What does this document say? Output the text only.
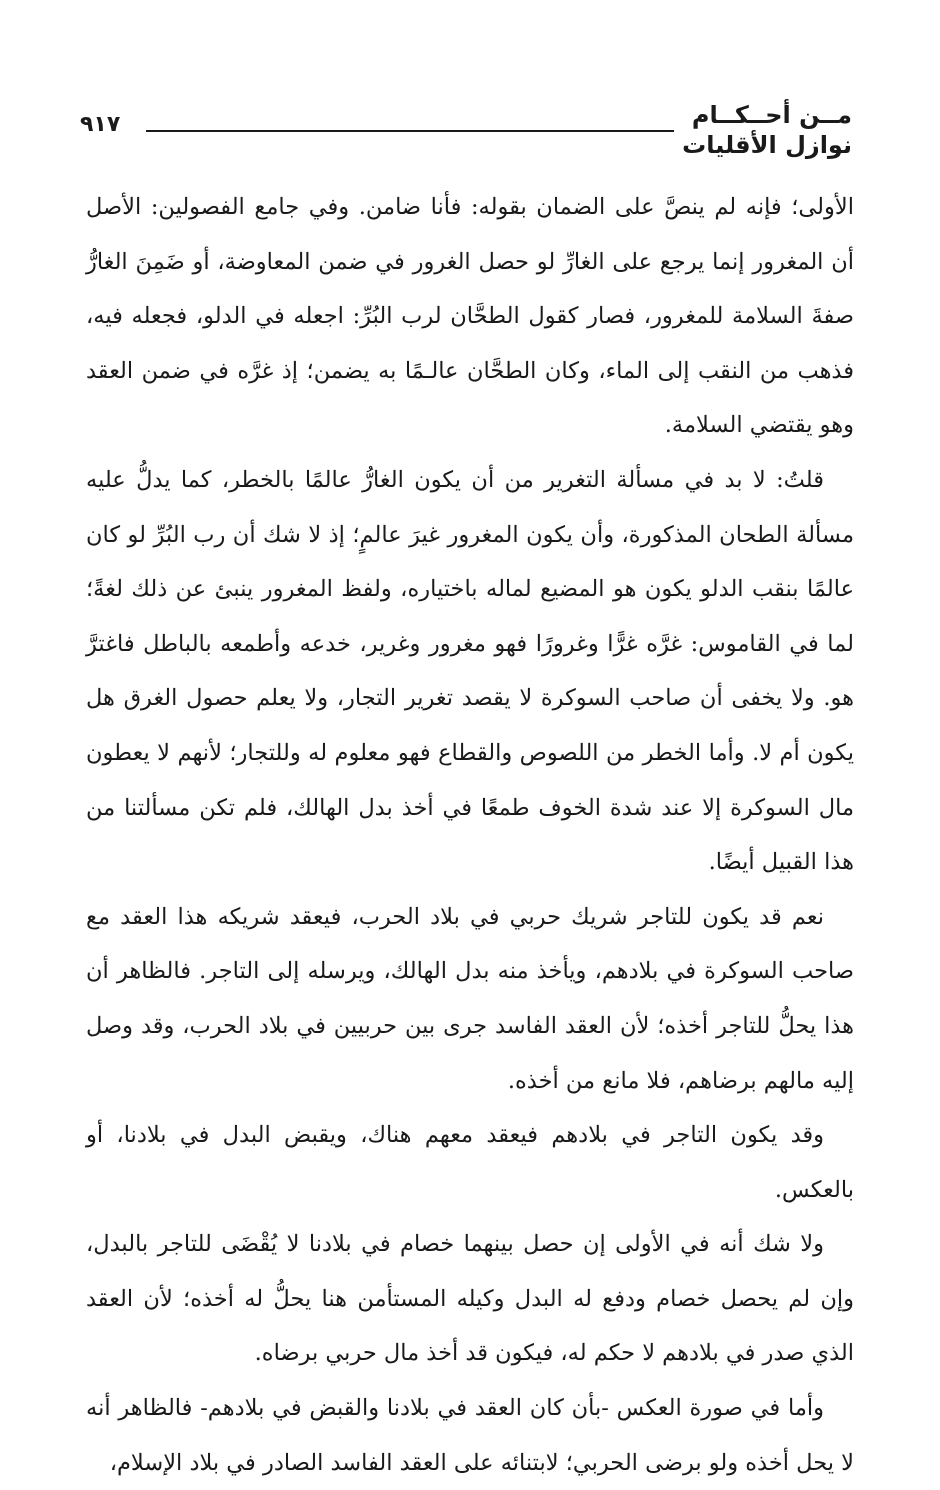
مــن أحــكــام
نوازل الأقليات
٩١٧

الأولى؛ فإنه لم ينصَّ على الضمان بقوله: فأنا ضامن. وفي جامع الفصولين: الأصل أن المغرور إنما يرجع على الغارِّ لو حصل الغرور في ضمن المعاوضة، أو ضَمِنَ الغارُّ صفةَ السلامة للمغرور، فصار كقول الطحَّان لرب البُرِّ: اجعله في الدلو، فجعله فيه، فذهب من النقب إلى الماء، وكان الطحَّان عالـمًا به يضمن؛ إذ غرَّه في ضمن العقد وهو يقتضي السلامة.

قلتُ: لا بد في مسألة التغرير من أن يكون الغارُّ عالمًا بالخطر، كما يدلُّ عليه مسألة الطحان المذكورة، وأن يكون المغرور غيرَ عالمٍ؛ إذ لا شك أن رب البُرِّ لو كان عالمًا بنقب الدلو يكون هو المضيع لماله باختياره، ولفظ المغرور ينبئ عن ذلك لغةً؛ لما في القاموس: غرَّه غرًّا وغرورًا فهو مغرور وغرير، خدعه وأطمعه بالباطل فاغترَّ هو. ولا يخفى أن صاحب السوكرة لا يقصد تغرير التجار، ولا يعلم حصول الغرق هل يكون أم لا. وأما الخطر من اللصوص والقطاع فهو معلوم له وللتجار؛ لأنهم لا يعطون مال السوكرة إلا عند شدة الخوف طمعًا في أخذ بدل الهالك، فلم تكن مسألتنا من هذا القبيل أيضًا.

نعم قد يكون للتاجر شريك حربي في بلاد الحرب، فيعقد شريكه هذا العقد مع صاحب السوكرة في بلادهم، ويأخذ منه بدل الهالك، ويرسله إلى التاجر. فالظاهر أن هذا يحلُّ للتاجر أخذه؛ لأن العقد الفاسد جرى بين حربيين في بلاد الحرب، وقد وصل إليه مالهم برضاهم، فلا مانع من أخذه.

وقد يكون التاجر في بلادهم فيعقد معهم هناك، ويقبض البدل في بلادنا، أو بالعكس.

ولا شك أنه في الأولى إن حصل بينهما خصام في بلادنا لا يُقْضَى للتاجر بالبدل، وإن لم يحصل خصام ودفع له البدل وكيله المستأمن هنا يحلُّ له أخذه؛ لأن العقد الذي صدر في بلادهم لا حكم له، فيكون قد أخذ مال حربي برضاه.

وأما في صورة العكس -بأن كان العقد في بلادنا والقبض في بلادهم- فالظاهر أنه لا يحل أخذه ولو برضى الحربي؛ لابتنائه على العقد الفاسد الصادر في بلاد الإسلام،
